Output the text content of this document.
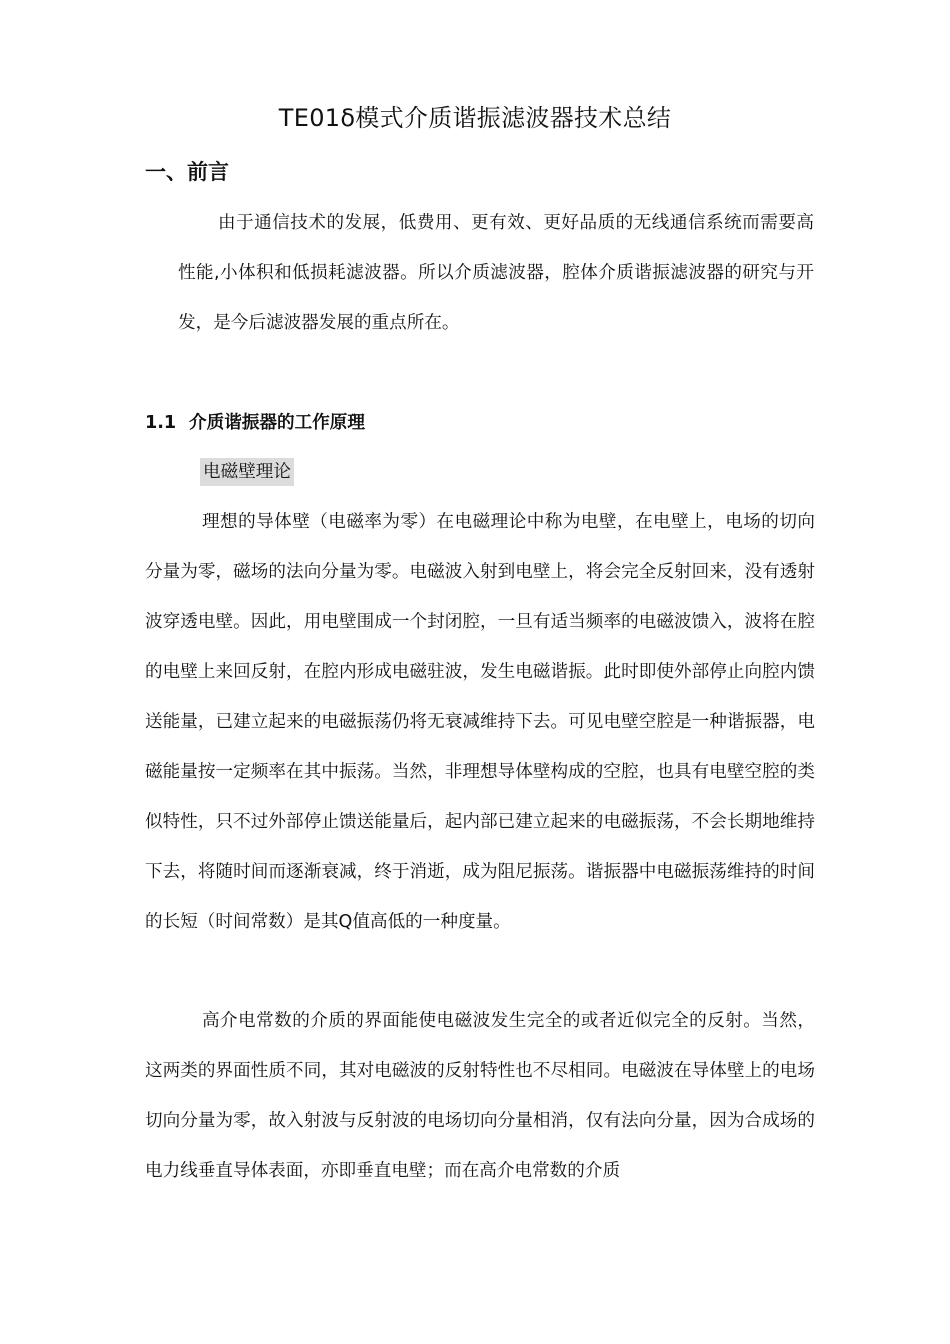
TE01δ模式介质谐振滤波器技术总结
一、前言

由于通信技术的发展，低费用、更有效、更好品质的无线通信系统而需要高性能,小体积和低损耗滤波器。所以介质滤波器，腔体介质谐振滤波器的研究与开发，是今后滤波器发展的重点所在。

1.1 介质谐振器的工作原理
电磁壁理论

理想的导体壁（电磁率为零）在电磁理论中称为电壁，在电壁上，电场的切向分量为零，磁场的法向分量为零。电磁波入射到电壁上，将会完全反射回来，没有透射波穿透电壁。因此，用电壁围成一个封闭腔，一旦有适当频率的电磁波馈入，波将在腔的电壁上来回反射，在腔内形成电磁驻波，发生电磁谐振。此时即使外部停止向腔内馈送能量，已建立起来的电磁振荡仍将无衰减维持下去。可见电壁空腔是一种谐振器，电磁能量按一定频率在其中振荡。当然，非理想导体壁构成的空腔，也具有电壁空腔的类似特性，只不过外部停止馈送能量后，起内部已建立起来的电磁振荡，不会长期地维持下去，将随时间而逐渐衰减，终于消逝，成为阻尼振荡。谐振器中电磁振荡维持的时间的长短（时间常数）是其Q值高低的一种度量。

高介电常数的介质的界面能使电磁波发生完全的或者近似完全的反射。当然，这两类的界面性质不同，其对电磁波的反射特性也不尽相同。电磁波在导体壁上的电场切向分量为零，故入射波与反射波的电场切向分量相消，仅有法向分量，因为合成场的电力线垂直导体表面，亦即垂直电壁；而在高介电常数的介质
